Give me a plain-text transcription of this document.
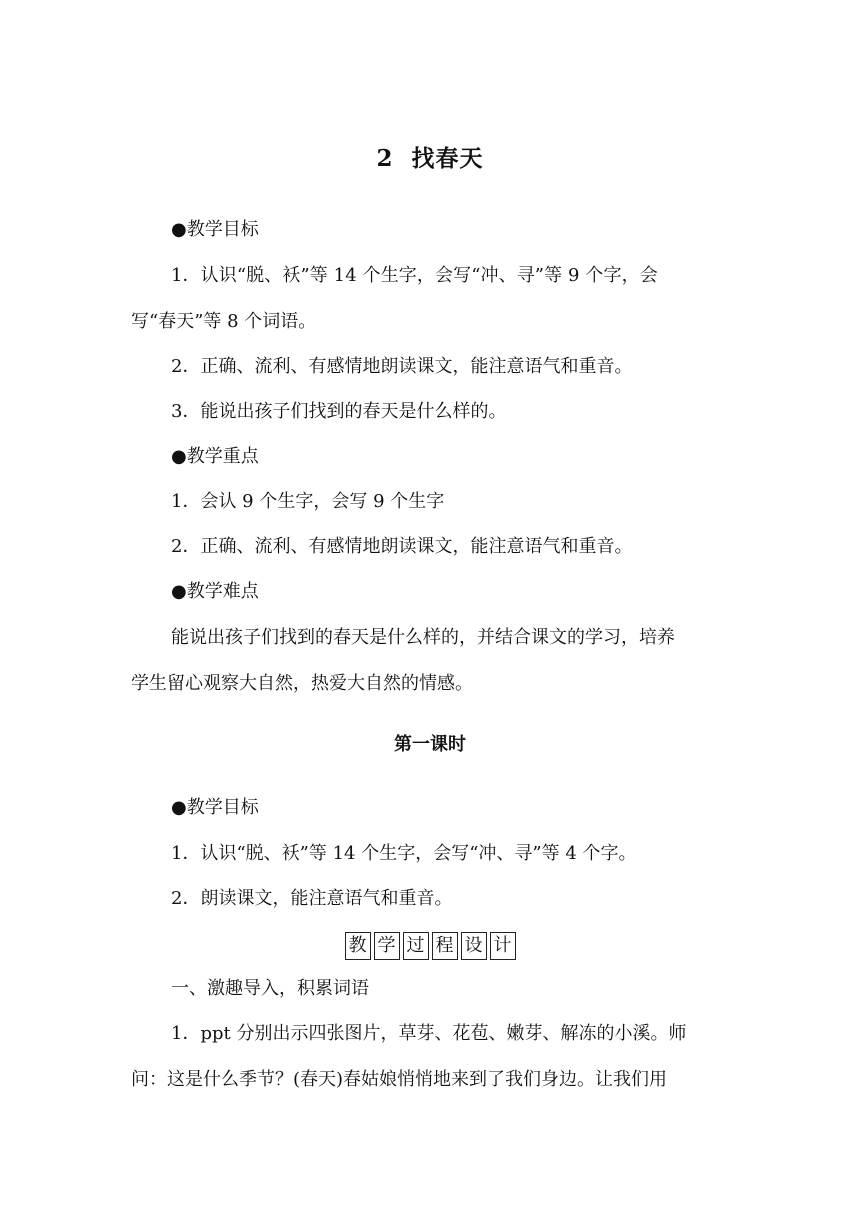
2 找春天
●教学目标
1．认识“脱、袄”等 14 个生字，会写“冲、寻”等 9 个字，会
写“春天”等 8 个词语。
2．正确、流利、有感情地朗读课文，能注意语气和重音。
3．能说出孩子们找到的春天是什么样的。
●教学重点
1．会认 9 个生字，会写 9 个生字
2．正确、流利、有感情地朗读课文，能注意语气和重音。
●教学难点
能说出孩子们找到的春天是什么样的，并结合课文的学习，培养
学生留心观察大自然，热爱大自然的情感。
第一课时
●教学目标
1．认识“脱、袄”等 14 个生字，会写“冲、寻”等 4 个字。
2．朗读课文，能注意语气和重音。
教 学 过 程 设 计
一、激趣导入，积累词语
1．ppt 分别出示四张图片，草芽、花苞、嫩芽、解冻的小溪。师
问：这是什么季节？(春天)春姑娘悄悄地来到了我们身边。让我们用
